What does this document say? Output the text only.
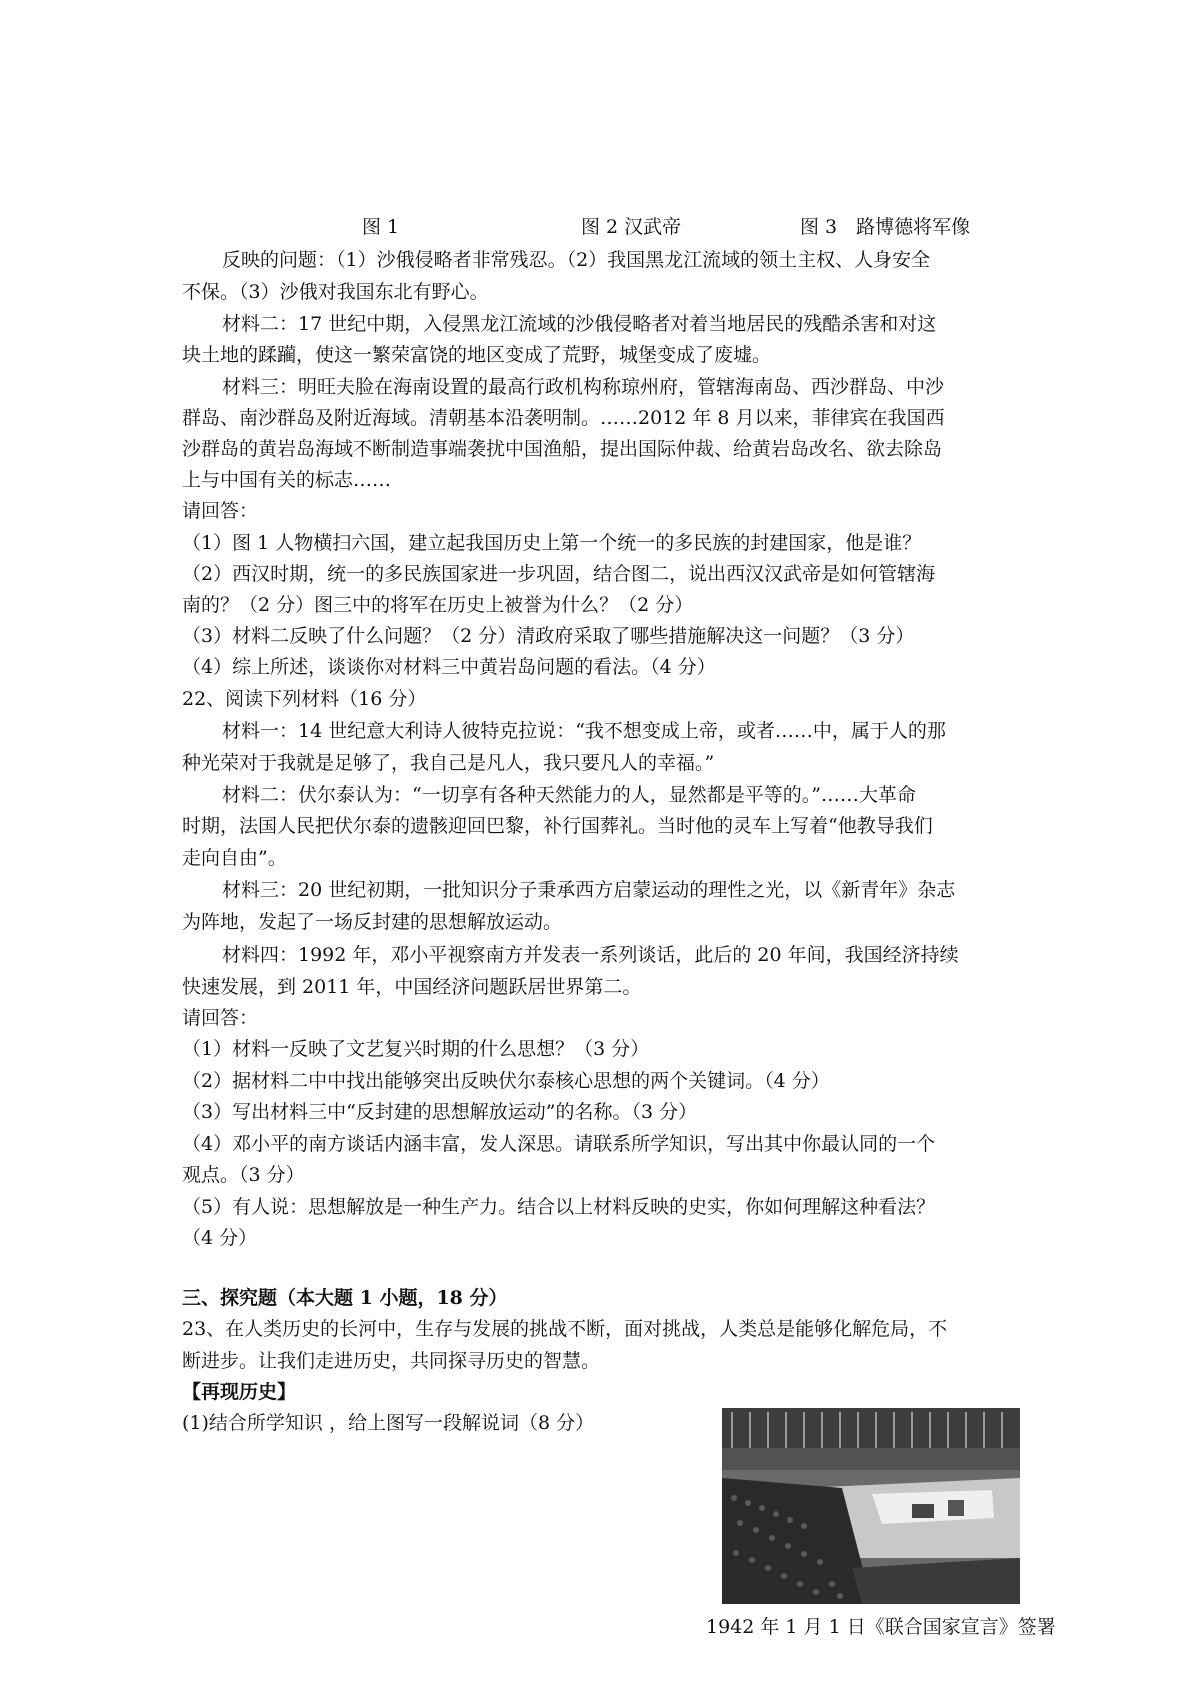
图 1	图 2 汉武帝	图 3　路博德将军像
反映的问题：（1）沙俄侵略者非常残忍。（2）我国黑龙江流域的领土主权、人身安全
不保。（3）沙俄对我国东北有野心。
材料二：17 世纪中期，入侵黑龙江流域的沙俄侵略者对着当地居民的残酷杀害和对这
块土地的蹂躏，使这一繁荣富饶的地区变成了荒野，城堡变成了废墟。
材料三：明旺夫脸在海南设置的最高行政机构称琼州府，管辖海南岛、西沙群岛、中沙
群岛、南沙群岛及附近海域。清朝基本沿袭明制。……2012 年 8 月以来，菲律宾在我国西
沙群岛的黄岩岛海域不断制造事端袭扰中国渔船，提出国际仲裁、给黄岩岛改名、欲去除岛
上与中国有关的标志……
请回答：
（1）图 1 人物横扫六国，建立起我国历史上第一个统一的多民族的封建国家，他是谁？
（2）西汉时期，统一的多民族国家进一步巩固，结合图二，说出西汉汉武帝是如何管辖海
南的？（2 分）图三中的将军在历史上被誉为什么？（2 分）
（3）材料二反映了什么问题？（2 分）清政府采取了哪些措施解决这一问题？（3 分）
（4）综上所述，谈谈你对材料三中黄岩岛问题的看法。（4 分）
22、阅读下列材料（16 分）
材料一：14 世纪意大利诗人彼特克拉说：“我不想变成上帝，或者……中，属于人的那
种光荣对于我就是足够了，我自己是凡人，我只要凡人的幸福。”
材料二：伏尔泰认为：“一切享有各种天然能力的人，显然都是平等的。”……大革命
时期，法国人民把伏尔泰的遗骸迎回巴黎，补行国葬礼。当时他的灵车上写着“他教导我们
走向自由”。
材料三：20 世纪初期，一批知识分子秉承西方启蒙运动的理性之光，以《新青年》杂志
为阵地，发起了一场反封建的思想解放运动。
材料四：1992 年，邓小平视察南方并发表一系列谈话，此后的 20 年间，我国经济持续
快速发展，到 2011 年，中国经济问题跃居世界第二。
请回答：
（1）材料一反映了文艺复兴时期的什么思想？（3 分）
（2）据材料二中中找出能够突出反映伏尔泰核心思想的两个关键词。（4 分）
（3）写出材料三中“反封建的思想解放运动”的名称。（3 分）
（4）邓小平的南方谈话内涵丰富，发人深思。请联系所学知识，写出其中你最认同的一个
观点。（3 分）
（5）有人说：思想解放是一种生产力。结合以上材料反映的史实，你如何理解这种看法？
（4 分）
三、探究题（本大题 1 小题，18 分）
23、在人类历史的长河中，生存与发展的挑战不断，面对挑战，人类总是能够化解危局，不
断进步。让我们走进历史，共同探寻历史的智慧。
【再现历史】
(1)结合所学知识 ，给上图写一段解说词（8 分）
1942 年 1 月 1 日《联合国家宣言》签署
